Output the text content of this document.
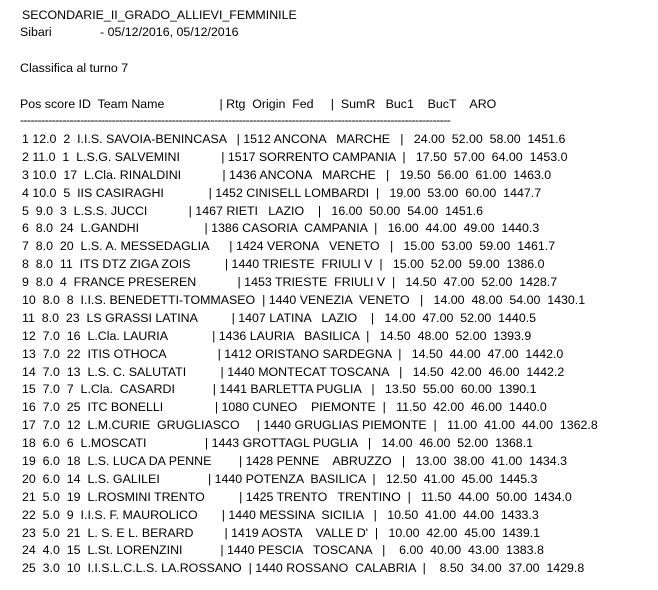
SECONDARIE_II_GRADO_ALLIEVI_FEMMINILE
Sibari	- 05/12/2016, 05/12/2016
Classifica al turno 7
Pos score ID  Team Name                | Rtg  Origin  Fed     |  SumR   Buc1    BucT    ARO
--------------------------------------------------------------------------------------------------------------------------
1 12.0  2  I.I.S. SAVOIA-BENINCASA   | 1512 ANCONA   MARCHE   |   24.00  52.00  58.00  1451.6
2 11.0  1  L.S.G. SALVEMINI            | 1517 SORRENTO CAMPANIA  |   17.50  57.00  64.00  1453.0
3 10.0  17  L.Cla. RINALDINI            | 1436 ANCONA   MARCHE   |   19.50  56.00  61.00  1463.0
4 10.0  5  IIS CASIRAGHI             | 1452 CINISELL LOMBARDI  |   19.00  53.00  60.00  1447.7
5  9.0  3  L.S.S. JUCCI            | 1467 RIETI   LAZIO    |   16.00  50.00  54.00  1451.6
6  8.0  24  L.GANDHI                   | 1386 CASORIA  CAMPANIA  |   16.00  44.00  49.00  1440.3
7  8.0  20  L.S. A. MESSEDAGLIA      | 1424 VERONA   VENETO   |   15.00  53.00  59.00  1461.7
8  8.0  11  ITS DTZ ZIGA ZOIS          | 1440 TRIESTE  FRIULI V  |   15.00  52.00  59.00  1386.0
9  8.0  4  FRANCE PRESEREN            | 1453 TRIESTE  FRIULI V  |   14.50  47.00  52.00  1428.7
10  8.0  8  I.I.S. BENEDETTI-TOMMASEO  | 1440 VENEZIA  VENETO   |   14.00  48.00  54.00  1430.1
11  8.0  23  LS GRASSI LATINA          | 1407 LATINA   LAZIO    |   14.00  47.00  52.00  1440.5
12  7.0  16  L.Cla. LAURIA             | 1436 LAURIA   BASILICA  |   14.50  48.00  52.00  1393.9
13  7.0  22  ITIS OTHOCA               | 1412 ORISTANO SARDEGNA  |   14.50  44.00  47.00  1442.0
14  7.0  13  L.S. C. SALUTATI          | 1440 MONTECAT TOSCANA   |   14.50  42.00  46.00  1442.2
15  7.0  7  L.Cla.  CASARDI           | 1441 BARLETTA PUGLIA   |   13.50  55.00  60.00  1390.1
16  7.0  25  ITC BONELLI               | 1080 CUNEO    PIEMONTE  |   11.50  42.00  46.00  1440.0
17  7.0  12  L.M.CURIE  GRUGLIASCO     | 1440 GRUGLIAS PIEMONTE  |   11.00  41.00  44.00  1362.8
18  6.0  6  L.MOSCATI                 | 1443 GROTTAGL PUGLIA   |   14.00  46.00  52.00  1368.1
19  6.0  18  L.S. LUCA DA PENNE        | 1428 PENNE    ABRUZZO   |   13.00  38.00  41.00  1434.3
20  6.0  14  L.S. GALILEI              | 1440 POTENZA  BASILICA  |   12.50  41.00  45.00  1445.3
21  5.0  19  L.ROSMINI TRENTO          | 1425 TRENTO   TRENTINO  |   11.50  44.00  50.00  1434.0
22  5.0  9  I.I.S. F. MAUROLICO       | 1440 MESSINA  SICILIA   |   10.50  41.00  44.00  1433.3
23  5.0  21  L. S. E L. BERARD         | 1419 AOSTA    VALLE D'  |   10.00  42.00  45.00  1439.1
24  4.0  15  L.St. LORENZINI           | 1440 PESCIA   TOSCANA   |    6.00  40.00  43.00  1383.8
25  3.0  10  I.I.S.L.C.L.S. LA.ROSSANO  | 1440 ROSSANO  CALABRIA  |    8.50  34.00  37.00  1429.8
